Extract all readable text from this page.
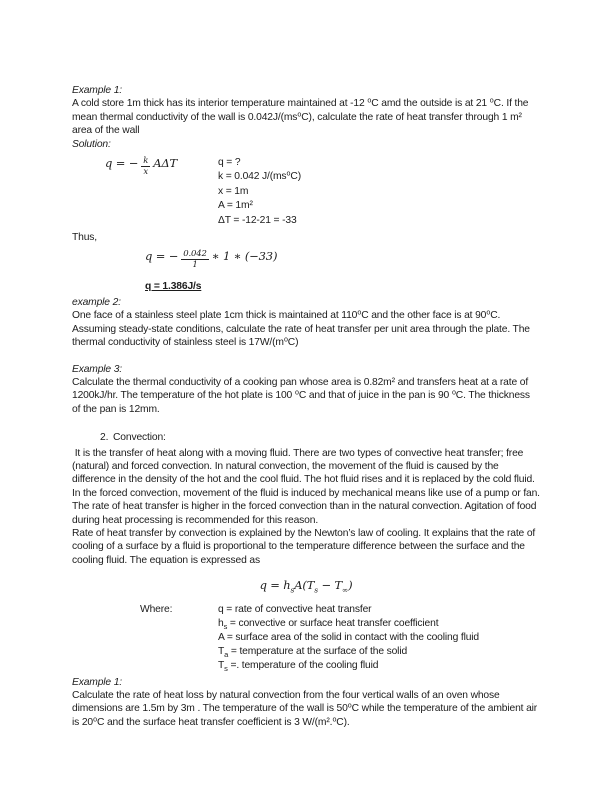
Example 1:
A cold store 1m thick has its interior temperature maintained at -12 ⁰C amd the outside is at 21 ⁰C. If the mean thermal conductivity of the wall is 0.042J/(ms⁰C), calculate the rate of heat transfer through 1 m² area of the wall
Solution:
q = − $\frac{k}{x}$ AΔT	q = ?
k = 0.042 J/(ms⁰C)
x = 1m
A = 1m²
ΔT = -12-21 = -33
Thus,
q = − $\frac{0.042}{1}$ ∗ 1 ∗ (−33)
q = 1.386J/s
example 2:
One face of a stainless steel plate 1cm thick is maintained at 110⁰C and the other face is at 90⁰C. Assuming steady-state conditions, calculate the rate of heat transfer per unit area through the plate. The thermal conductivity of stainless steel is 17W/(m⁰C)
Example 3:
Calculate the thermal conductivity of a cooking pan whose area is 0.82m² and transfers heat at a rate of 1200kJ/hr. The temperature of the hot plate is 100 ⁰C and that of juice in the pan is 90 ⁰C. The thickness of the pan is 12mm.
2. Convection:
It is the transfer of heat along with a moving fluid. There are two types of convective heat transfer; free (natural) and forced convection. In natural convection, the movement of the fluid is caused by the difference in the density of the hot and the cool fluid. The hot fluid rises and it is replaced by the cold fluid. In the forced convection, movement of the fluid is induced by mechanical means like use of a pump or fan. The rate of heat transfer is higher in the forced convection than in the natural convection. Agitation of food during heat processing is recommended for this reason.
Rate of heat transfer by convection is explained by the Newton’s law of cooling. It explains that the rate of cooling of a surface by a fluid is proportional to the temperature difference between the surface and the cooling fluid. The equation is expressed as
$q = h_sA(T_s - T_\infty)$
Where:	q = rate of convective heat transfer
$h_s$ = convective or surface heat transfer coefficient
A = surface area of the solid in contact with the cooling fluid
$T_a$ = temperature at the surface of the solid
$T_s$ =. temperature of the cooling fluid
Example 1:
Calculate the rate of heat loss by natural convection from the four vertical walls of an oven whose dimensions are 1.5m by 3m . The temperature of the wall is 50⁰C while the temperature of the ambient air is 20⁰C and the surface heat transfer coefficient is 3 W/(m².⁰C).
